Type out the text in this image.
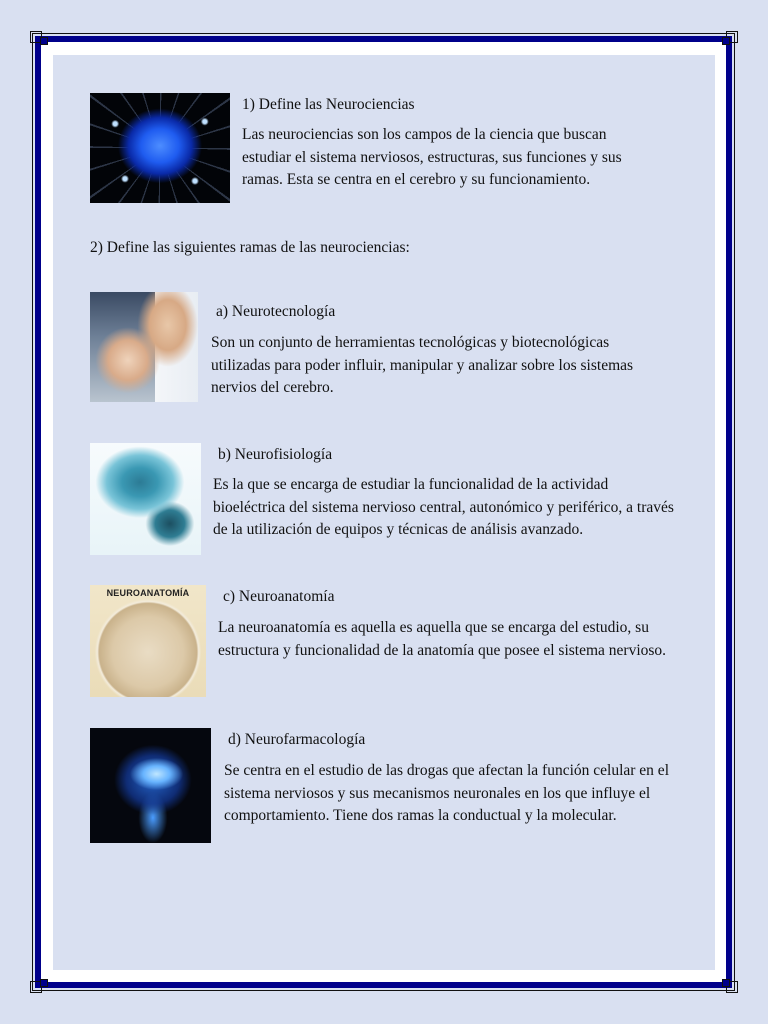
1) Define las Neurociencias
Las neurociencias son los campos de la ciencia que buscan estudiar el sistema nerviosos, estructuras, sus funciones y sus ramas. Esta se centra en el cerebro y su funcionamiento.
2) Define las siguientes ramas de las neurociencias:
a) Neurotecnología
Son un conjunto de herramientas tecnológicas y biotecnológicas utilizadas para poder influir, manipular y analizar sobre los sistemas nervios del cerebro.
b) Neurofisiología
Es la que se encarga de estudiar la funcionalidad de la actividad bioeléctrica del sistema nervioso central, autonómico y periférico, a través de la utilización de equipos y técnicas de análisis avanzado.
NEUROANATOMÍA	c) Neuroanatomía
La neuroanatomía es aquella es aquella que se encarga del estudio, su estructura y funcionalidad de la anatomía que posee el sistema nervioso.
d) Neurofarmacología
Se centra en el estudio de las drogas que afectan la función celular en el sistema nerviosos y sus mecanismos neuronales en los que influye el comportamiento. Tiene dos ramas la conductual y la molecular.
